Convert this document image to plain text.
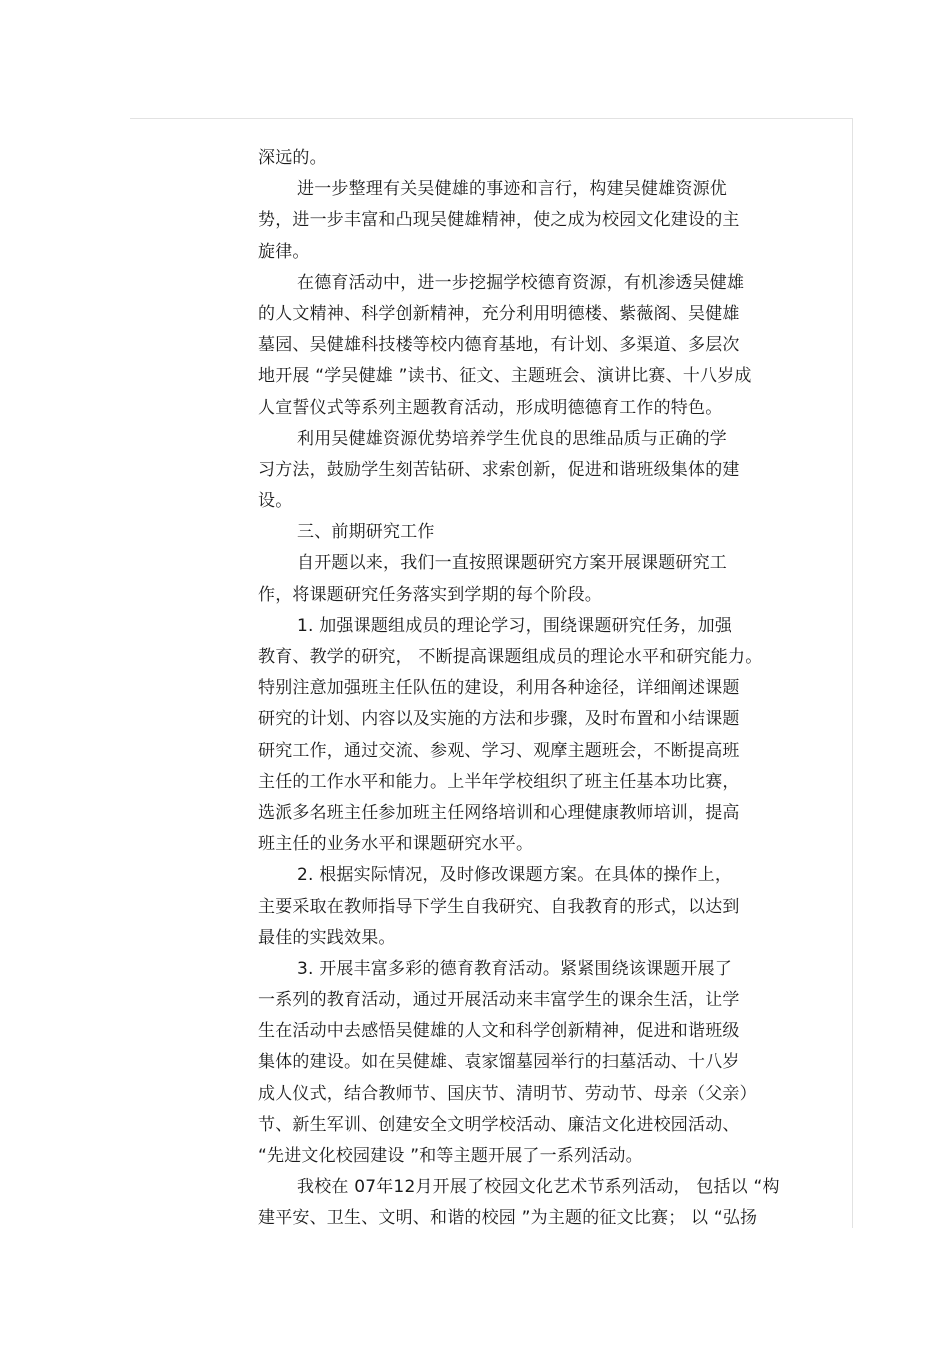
深远的。
进一步整理有关吴健雄的事迹和言行，构建吴健雄资源优
势，进一步丰富和凸现吴健雄精神，使之成为校园文化建设的主
旋律。
在德育活动中，进一步挖掘学校德育资源，有机渗透吴健雄
的人文精神、科学创新精神，充分利用明德楼、紫薇阁、吴健雄
墓园、吴健雄科技楼等校内德育基地，有计划、多渠道、多层次
地开展 “学吴健雄 ”读书、征文、主题班会、演讲比赛、十八岁成
人宣誓仪式等系列主题教育活动，形成明德德育工作的特色。
利用吴健雄资源优势培养学生优良的思维品质与正确的学
习方法，鼓励学生刻苦钻研、求索创新，促进和谐班级集体的建
设。
三、前期研究工作
自开题以来，我们一直按照课题研究方案开展课题研究工
作，将课题研究任务落实到学期的每个阶段。
1. 加强课题组成员的理论学习，围绕课题研究任务，加强
教育、教学的研究， 不断提高课题组成员的理论水平和研究能力。
特别注意加强班主任队伍的建设，利用各种途径，详细阐述课题
研究的计划、内容以及实施的方法和步骤，及时布置和小结课题
研究工作，通过交流、参观、学习、观摩主题班会，不断提高班
主任的工作水平和能力。上半年学校组织了班主任基本功比赛，
选派多名班主任参加班主任网络培训和心理健康教师培训，提高
班主任的业务水平和课题研究水平。
2. 根据实际情况，及时修改课题方案。在具体的操作上，
主要采取在教师指导下学生自我研究、自我教育的形式，以达到
最佳的实践效果。
3. 开展丰富多彩的德育教育活动。紧紧围绕该课题开展了
一系列的教育活动，通过开展活动来丰富学生的课余生活，让学
生在活动中去感悟吴健雄的人文和科学创新精神，促进和谐班级
集体的建设。如在吴健雄、袁家馏墓园举行的扫墓活动、十八岁
成人仪式，结合教师节、国庆节、清明节、劳动节、母亲（父亲）
节、新生军训、创建安全文明学校活动、廉洁文化进校园活动、
“先进文化校园建设 ”和等主题开展了一系列活动。
我校在 07年12月开展了校园文化艺术节系列活动， 包括以 “构
建平安、卫生、文明、和谐的校园 ”为主题的征文比赛； 以 “弘扬
